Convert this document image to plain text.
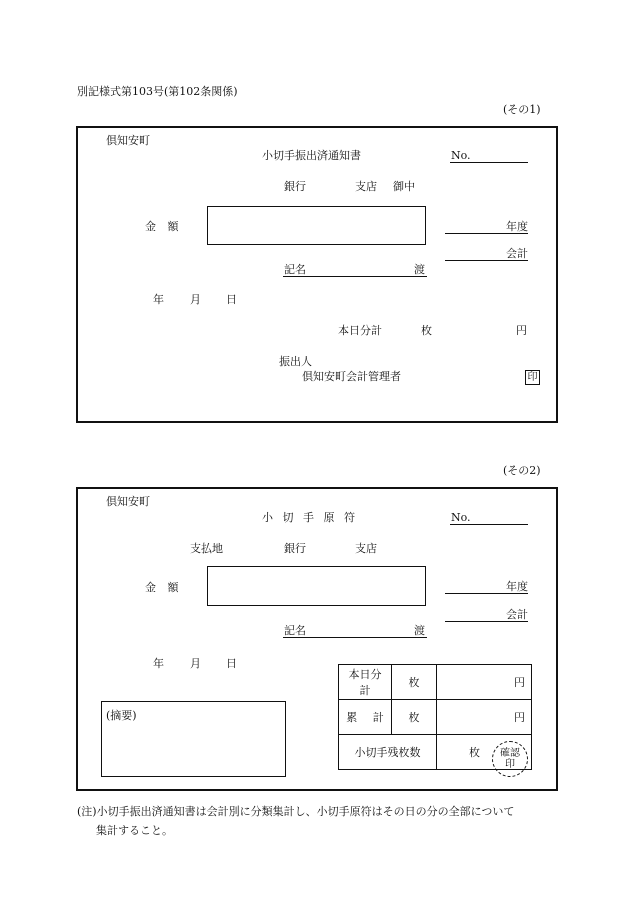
別記様式第103号(第102条関係)
(その1)
倶知安町
小切手振出済通知書	No.
銀行	支店 御中
金 額	年度
会計
記名	渡
年 月 日
本日分計	枚	円
振出人
倶知安町会計管理者	印
(その2)
倶知安町
小 切 手 原 符	No.
支払地	銀行	支店
金 額	年度
会計
記名	渡
年 月 日
(摘要)
本日分計	枚	円
累 計	枚	円
小切手残枚数		枚 確認
印
(注)小切手振出済通知書は会計別に分類集計し、小切手原符はその日の分の全部について
集計すること。
